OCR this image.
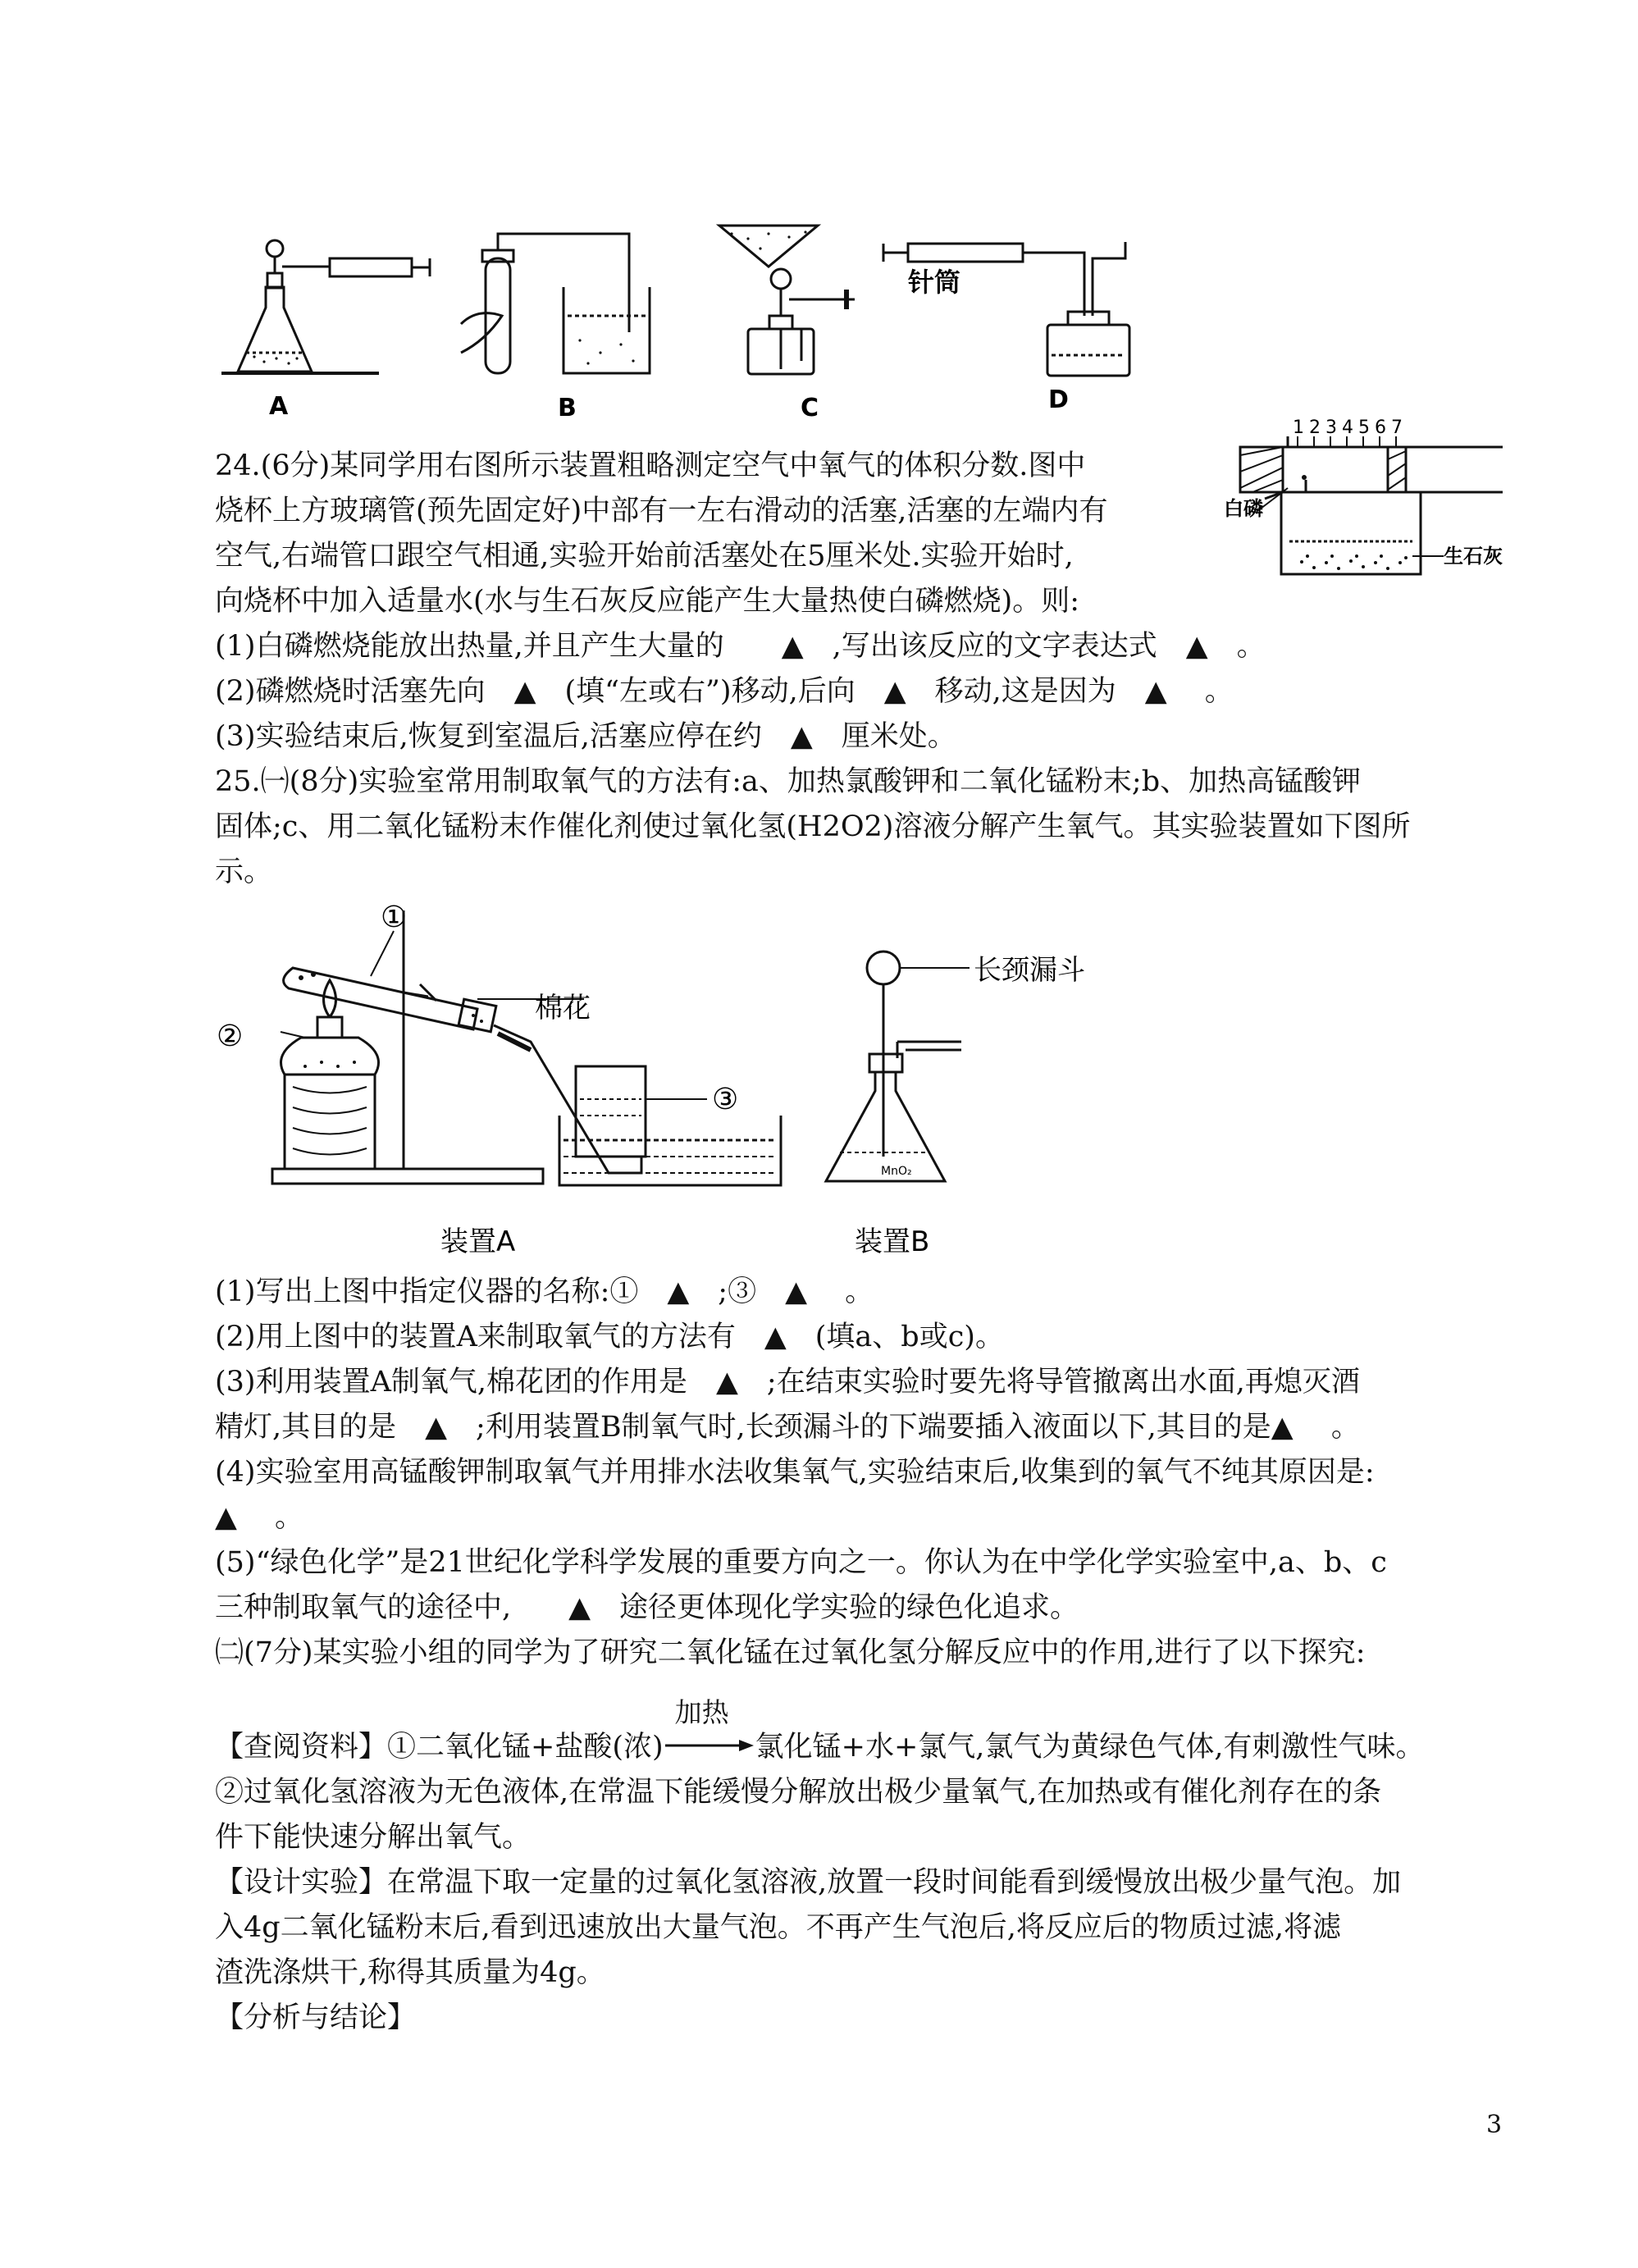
A	B	C	D
针筒
1 2 3 4 5 6 7
白磷
生石灰
24.(6分)某同学用右图所示装置粗略测定空气中氧气的体积分数.图中
烧杯上方玻璃管(预先固定好)中部有一左右滑动的活塞,活塞的左端内有
空气,右端管口跟空气相通,实验开始前活塞处在5厘米处.实验开始时,
向烧杯中加入适量水(水与生石灰反应能产生大量热使白磷燃烧)。则:
(1)白磷燃烧能放出热量,并且产生大量的　　▲　,写出该反应的文字表达式　▲　。
(2)磷燃烧时活塞先向　▲　(填“左或右”)移动,后向　▲　移动,这是因为　▲　 。
(3)实验结束后,恢复到室温后,活塞应停在约　▲　厘米处。
25.㈠(8分)实验室常用制取氧气的方法有:a、加热氯酸钾和二氧化锰粉末;b、加热高锰酸钾
固体;c、用二氧化锰粉末作催化剂使过氧化氢(H2O2)溶液分解产生氧气。其实验装置如下图所
示。
①
②
③
棉花
长颈漏斗
MnO₂
装置A	装置B
(1)写出上图中指定仪器的名称:①　▲　;③　▲　 。
(2)用上图中的装置A来制取氧气的方法有　▲　(填a、b或c)。
(3)利用装置A制氧气,棉花团的作用是　▲　;在结束实验时要先将导管撤离出水面,再熄灭酒
精灯,其目的是　▲　;利用装置B制氧气时,长颈漏斗的下端要插入液面以下,其目的是▲　 。
(4)实验室用高锰酸钾制取氧气并用排水法收集氧气,实验结束后,收集到的氧气不纯其原因是:
▲　 。
(5)“绿色化学”是21世纪化学科学发展的重要方向之一。你认为在中学化学实验室中,a、b、c
三种制取氧气的途径中,　　▲　途径更体现化学实验的绿色化追求。
㈡(7分)某实验小组的同学为了研究二氧化锰在过氧化氢分解反应中的作用,进行了以下探究:
【查阅资料】①二氧化锰+盐酸(浓)
加热
氯化锰+水+氯气,氯气为黄绿色气体,有刺激性气味。
②过氧化氢溶液为无色液体,在常温下能缓慢分解放出极少量氧气,在加热或有催化剂存在的条
件下能快速分解出氧气。
【设计实验】在常温下取一定量的过氧化氢溶液,放置一段时间能看到缓慢放出极少量气泡。加
入4g二氧化锰粉末后,看到迅速放出大量气泡。不再产生气泡后,将反应后的物质过滤,将滤
渣洗涤烘干,称得其质量为4g。
【分析与结论】
3
